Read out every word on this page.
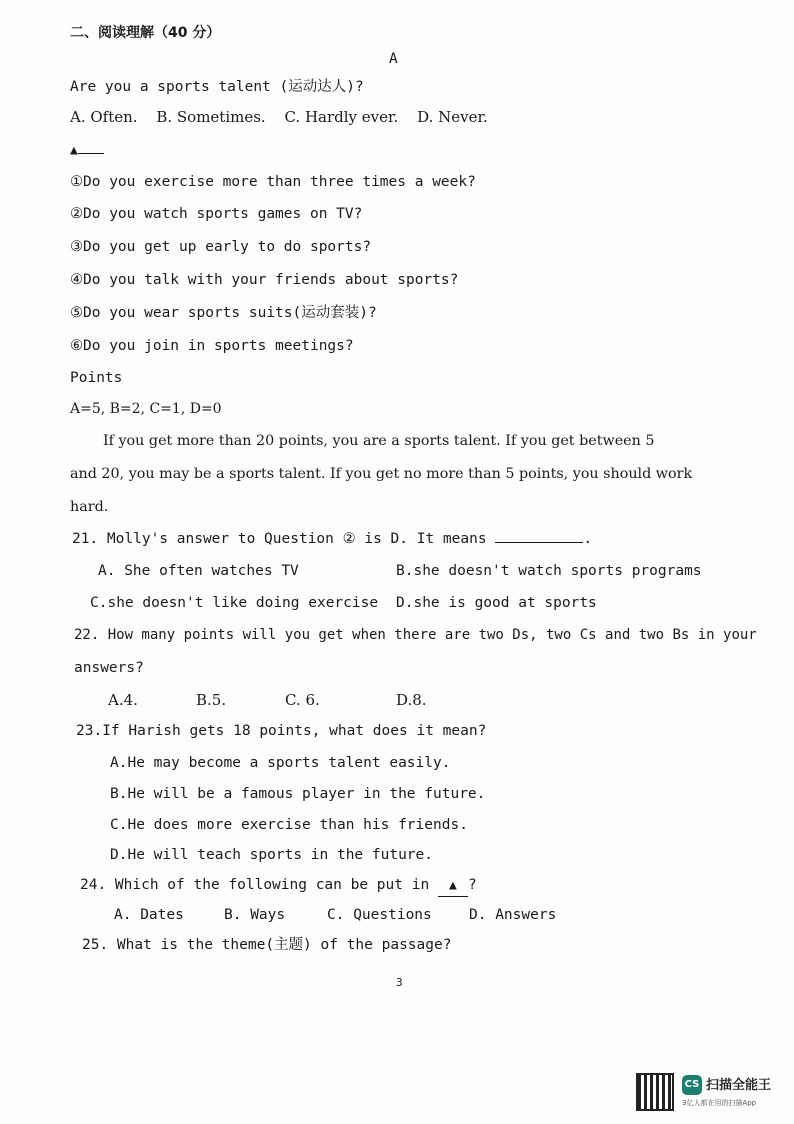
二、阅读理解（40 分）
A
Are you a sports talent (运动达人)?
A. Often. B. Sometimes. C. Hardly ever. D. Never.
▲
①Do you exercise more than three times a week?
②Do you watch sports games on TV?
③Do you get up early to do sports?
④Do you talk with your friends about sports?
⑤Do you wear sports suits(运动套装)?
⑥Do you join in sports meetings?
Points
A=5, B=2, C=1, D=0
If you get more than 20 points, you are a sports talent. If you get between 5
and 20, you may be a sports talent. If you get no more than 5 points, you should work
hard.
21. Molly's answer to Question ② is D. It means	.
A. She often watches TV	B.she doesn't watch sports programs
C.she doesn't like doing exercise D.she is good at sports
22. How many points will you get when there are two Ds, two Cs and two Bs in your
answers?
A.4.	B.5.	C. 6.	D.8.
23.If Harish gets 18 points, what does it mean?
A.He may become a sports talent easily.
B.He will be a famous player in the future.
C.He does more exercise than his friends.
D.He will teach sports in the future.
24. Which of the following can be put in ▲ ?
A. Dates	B. Ways	C. Questions	D. Answers
25. What is the theme(主题) of the passage?
3
CS 扫描全能王
3亿人都在用的扫描App
